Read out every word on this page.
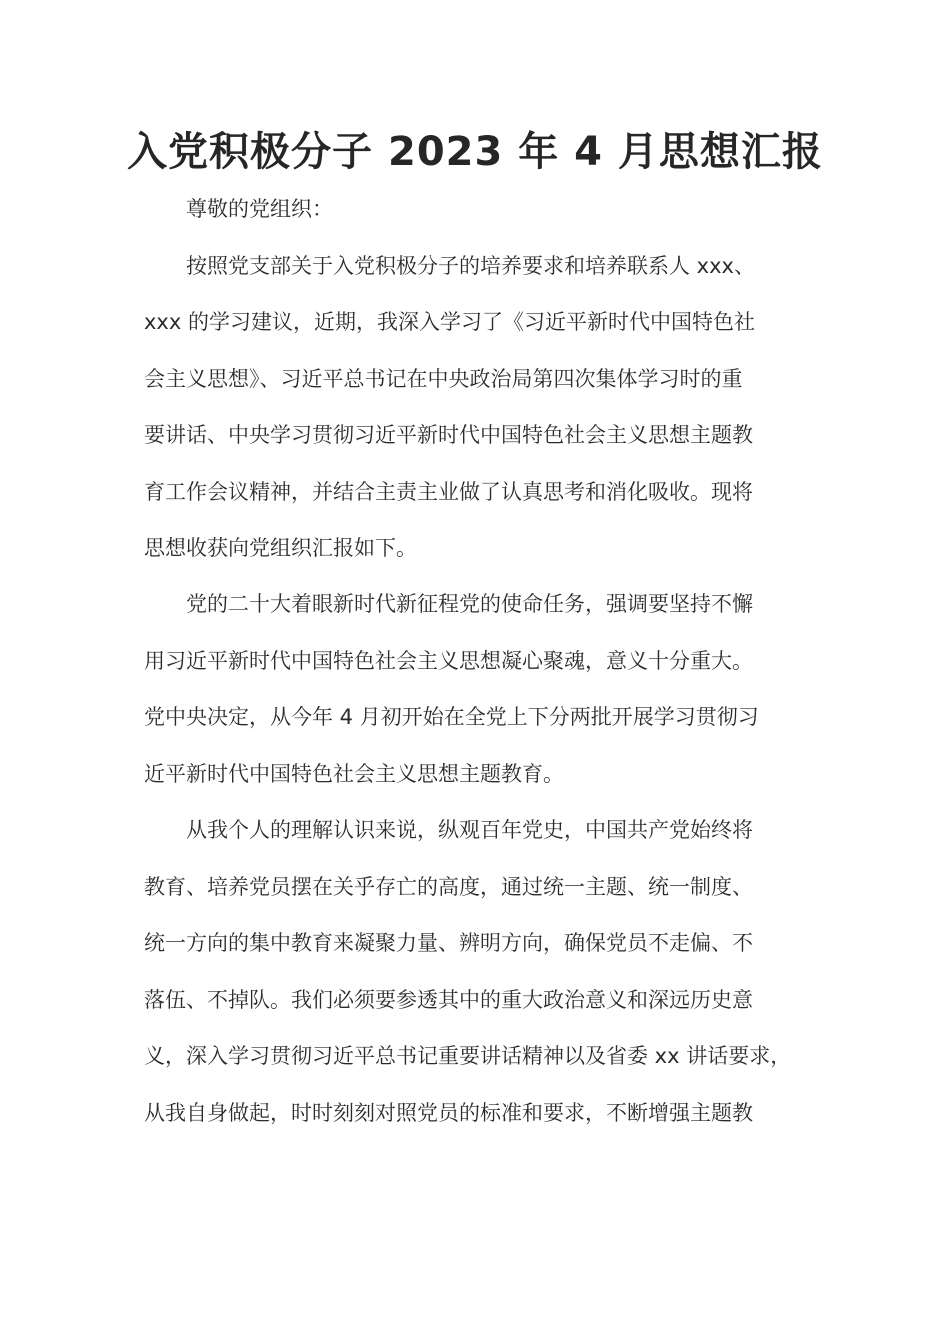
入党积极分子 2023 年 4 月思想汇报

尊敬的党组织：

按照党支部关于入党积极分子的培养要求和培养联系人 xxx、

xxx 的学习建议，近期，我深入学习了《习近平新时代中国特色社

会主义思想》、习近平总书记在中央政治局第四次集体学习时的重

要讲话、中央学习贯彻习近平新时代中国特色社会主义思想主题教

育工作会议精神，并结合主责主业做了认真思考和消化吸收。现将

思想收获向党组织汇报如下。

党的二十大着眼新时代新征程党的使命任务，强调要坚持不懈

用习近平新时代中国特色社会主义思想凝心聚魂，意义十分重大。

党中央决定，从今年 4 月初开始在全党上下分两批开展学习贯彻习

近平新时代中国特色社会主义思想主题教育。

从我个人的理解认识来说，纵观百年党史，中国共产党始终将

教育、培养党员摆在关乎存亡的高度，通过统一主题、统一制度、

统一方向的集中教育来凝聚力量、辨明方向，确保党员不走偏、不

落伍、不掉队。我们必须要参透其中的重大政治意义和深远历史意

义，深入学习贯彻习近平总书记重要讲话精神以及省委 xx 讲话要求，

从我自身做起，时时刻刻对照党员的标准和要求，不断增强主题教
